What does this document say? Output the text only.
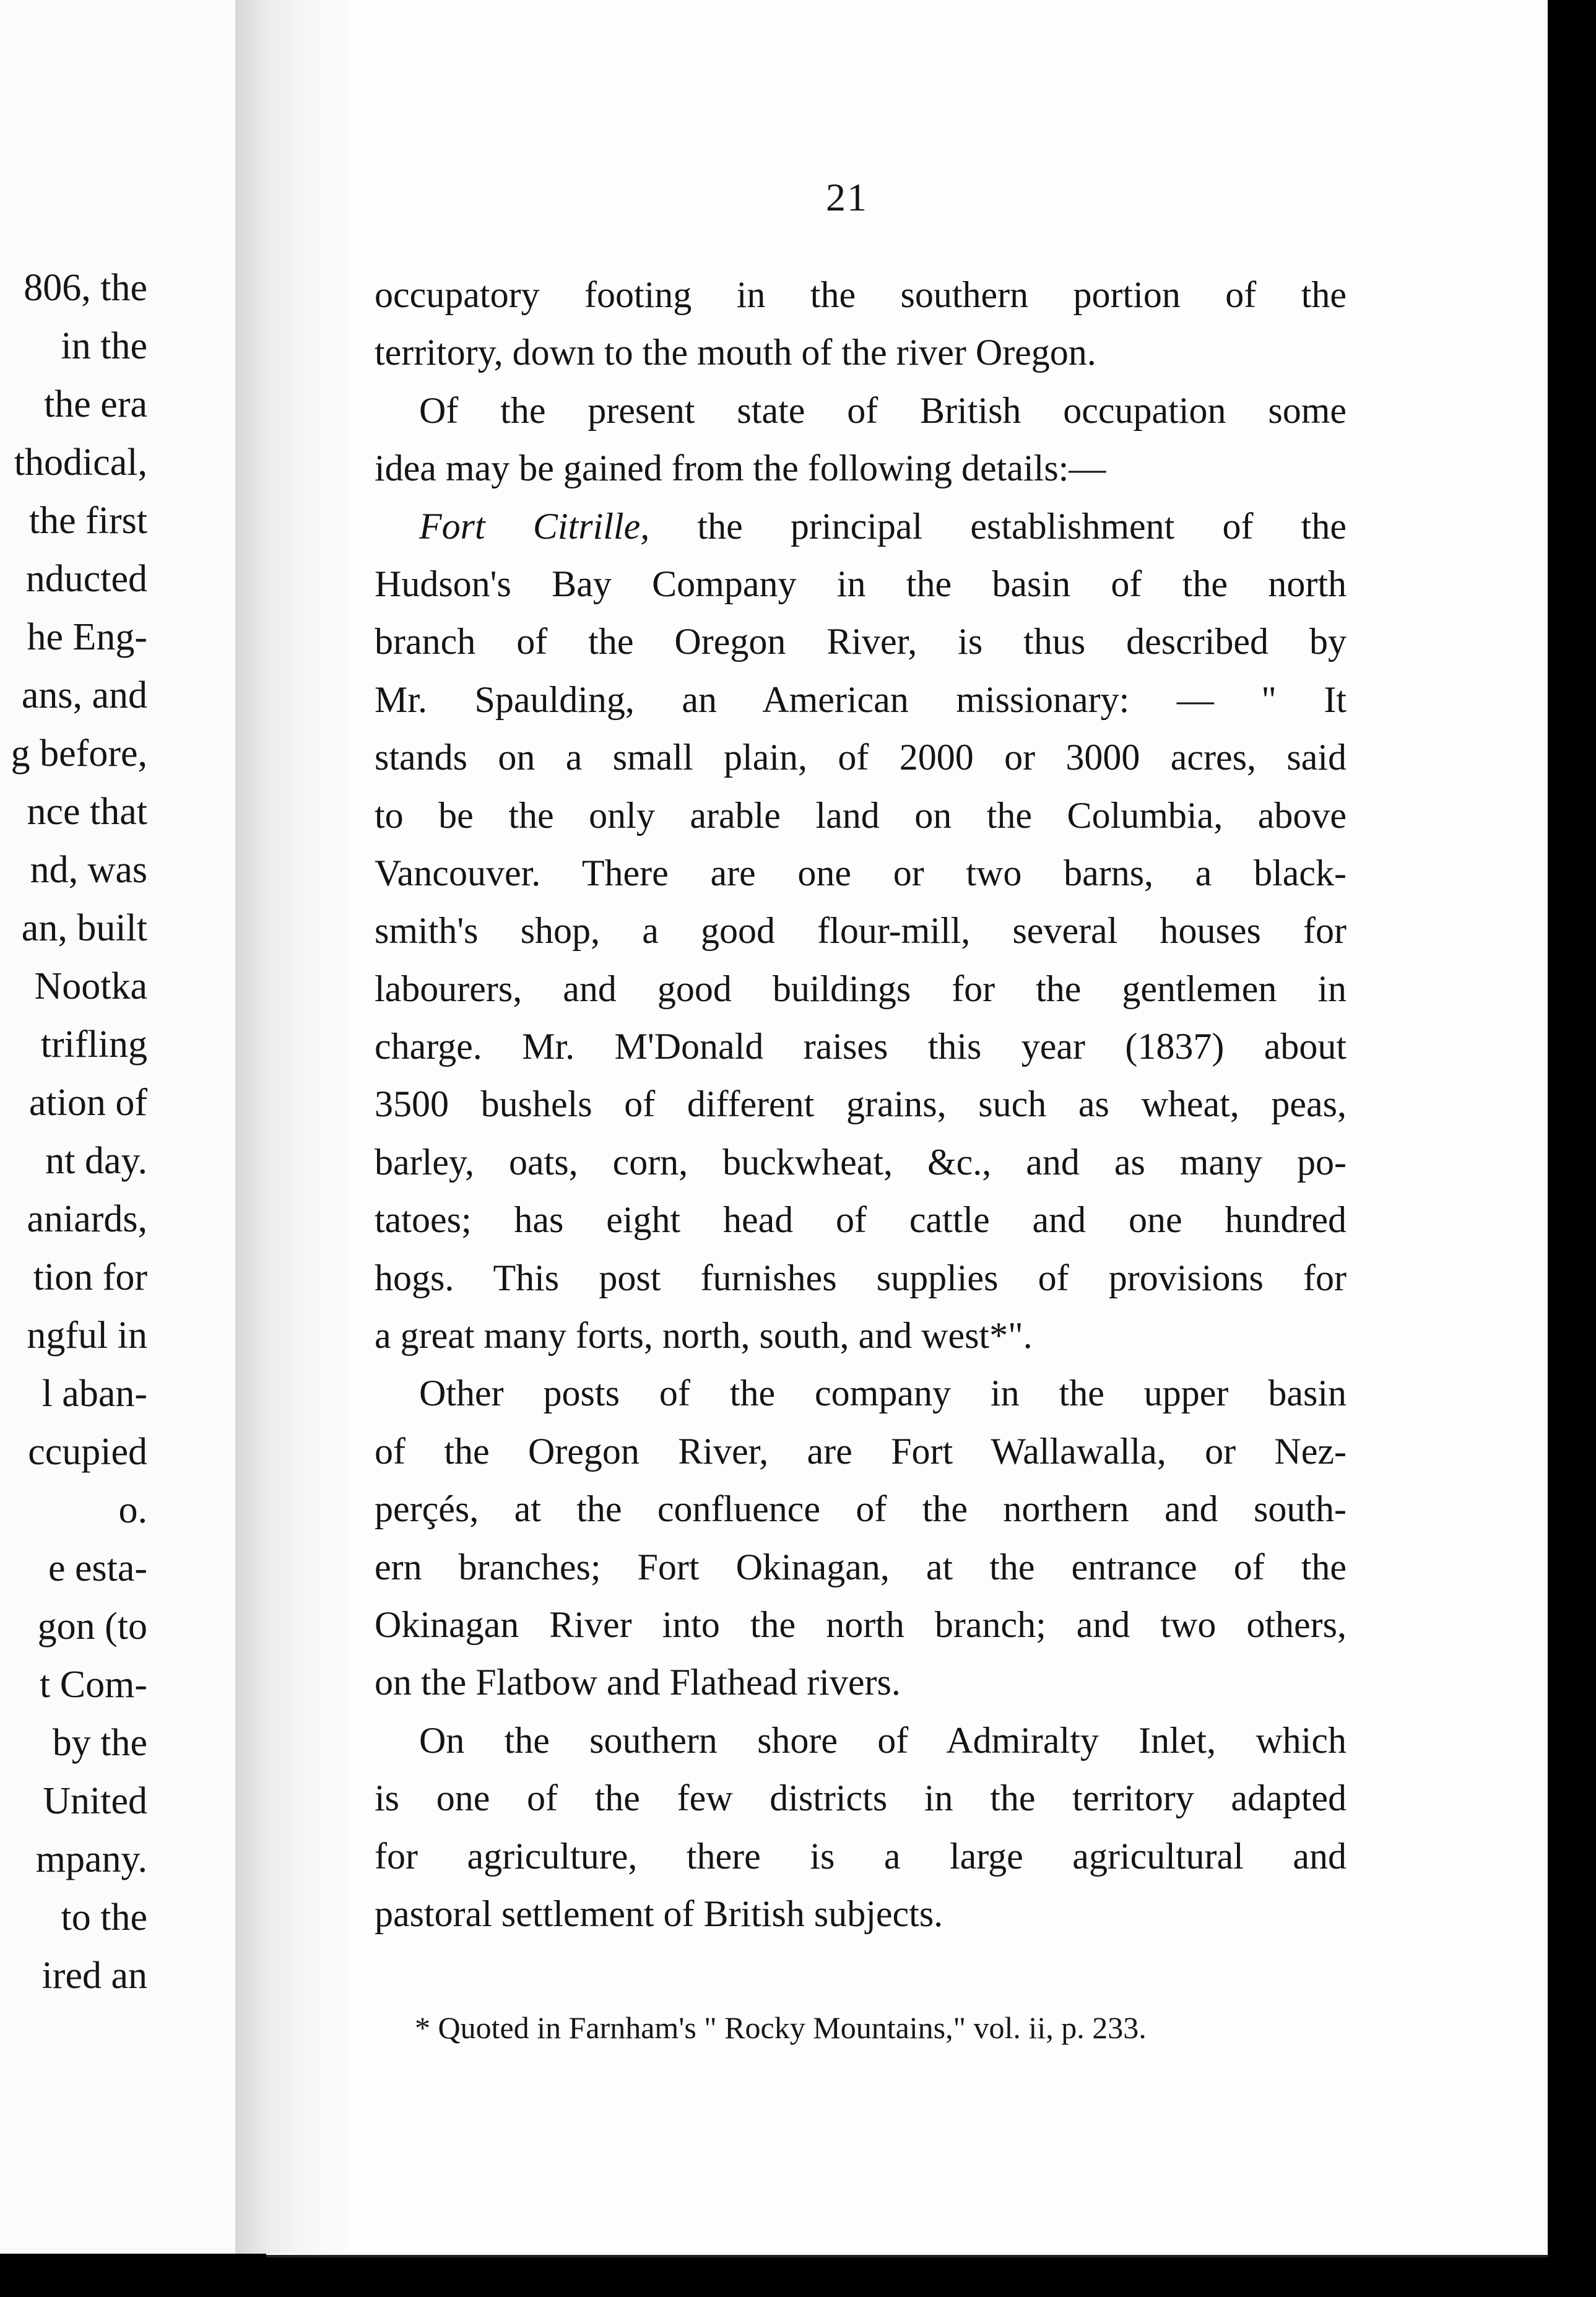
806, the
in the
the era
thodical,
the first
nducted
he Eng-
ans, and
g before,
nce that
nd, was
an, built
Nootka
trifling
ation of
nt day.
aniards,
tion for
ngful in
l aban-
ccupied
o.
e esta-
gon (to
t Com-
by the
United
mpany.
to the
ired an
21
occupatory footing in the southern portion of the
territory, down to the mouth of the river Oregon.
Of the present state of British occupation some
idea may be gained from the following details:—
Fort Citrille, the principal establishment of the
Hudson's Bay Company in the basin of the north
branch of the Oregon River, is thus described by
Mr. Spaulding, an American missionary: — " It
stands on a small plain, of 2000 or 3000 acres, said
to be the only arable land on the Columbia, above
Vancouver. There are one or two barns, a black-
smith's shop, a good flour-mill, several houses for
labourers, and good buildings for the gentlemen in
charge. Mr. M'Donald raises this year (1837) about
3500 bushels of different grains, such as wheat, peas,
barley, oats, corn, buckwheat, &c., and as many po-
tatoes; has eight head of cattle and one hundred
hogs. This post furnishes supplies of provisions for
a great many forts, north, south, and west*".
Other posts of the company in the upper basin
of the Oregon River, are Fort Wallawalla, or Nez-
perçés, at the confluence of the northern and south-
ern branches; Fort Okinagan, at the entrance of the
Okinagan River into the north branch; and two others,
on the Flatbow and Flathead rivers.
On the southern shore of Admiralty Inlet, which
is one of the few districts in the territory adapted
for agriculture, there is a large agricultural and
pastoral settlement of British subjects.
* Quoted in Farnham's " Rocky Mountains," vol. ii, p. 233.
